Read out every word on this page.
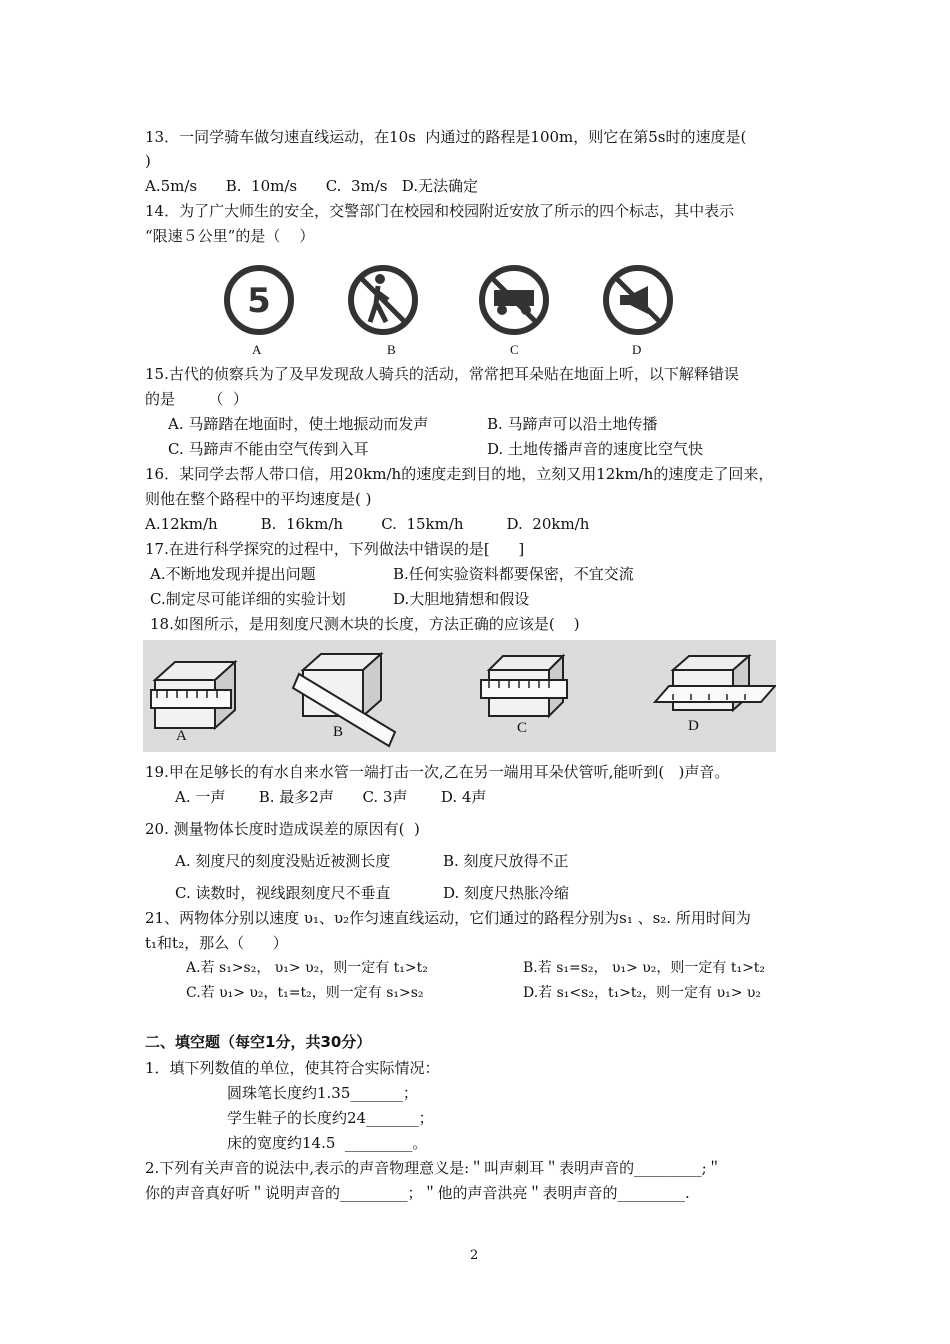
13．一同学骑车做匀速直线运动，在10s  内通过的路程是100m，则它在第5s时的速度是(
)
A.5m/s      B.  10m/s      C.  3m/s   D.无法确定
14．为了广大师生的安全，交警部门在校园和校园附近安放了所示的四个标志，其中表示
“限速５公里”的是（    ）
5
A	B	C	D
15.古代的侦察兵为了及早发现敌人骑兵的活动，常常把耳朵贴在地面上听，以下解释错误
的是       （  ）
A. 马蹄踏在地面时，使土地振动而发声	B. 马蹄声可以沿土地传播
C. 马蹄声不能由空气传到入耳	D. 土地传播声音的速度比空气快
16．某同学去帮人带口信，用20km/h的速度走到目的地，立刻又用12km/h的速度走了回来，
则他在整个路程中的平均速度是( )
A.12km/h         B.  16km/h        C.  15km/h         D.  20km/h
17.在进行科学探究的过程中，下列做法中错误的是[      ]
A.不断地发现并提出问题	B.任何实验资料都要保密，不宜交流
C.制定尽可能详细的实验计划	D.大胆地猜想和假设
18.如图所示，是用刻度尺测木块的长度，方法正确的应该是(    )
A	B	C	D
19.甲在足够长的有水自来水管一端打击一次,乙在另一端用耳朵伏管听,能听到(   )声音。
A. 一声       B. 最多2声      C. 3声       D. 4声
20. 测量物体长度时造成误差的原因有(  )
A. 刻度尺的刻度没贴近被测长度	B. 刻度尺放得不正
C. 读数时，视线跟刻度尺不垂直	D. 刻度尺热胀冷缩
21、两物体分别以速度 υ₁、υ₂作匀速直线运动，它们通过的路程分别为s₁ 、s₂. 所用时间为
t₁和t₂，那么（      ）
A.若 s₁>s₂， υ₁> υ₂，则一定有 t₁>t₂	B.若 s₁=s₂， υ₁> υ₂，则一定有 t₁>t₂
C.若 υ₁> υ₂，t₁=t₂，则一定有 s₁>s₂	D.若 s₁<s₂，t₁>t₂，则一定有 υ₁> υ₂
二、填空题（每空1分，共30分）
1．填下列数值的单位，使其符合实际情况：
圆珠笔长度约1.35_______；
学生鞋子的长度约24_______；
床的宽度约14.5  _________。
2.下列有关声音的说法中,表示的声音物理意义是:＂叫声刺耳＂表明声音的_________;＂
你的声音真好听＂说明声音的_________；＂他的声音洪亮＂表明声音的_________.
2
